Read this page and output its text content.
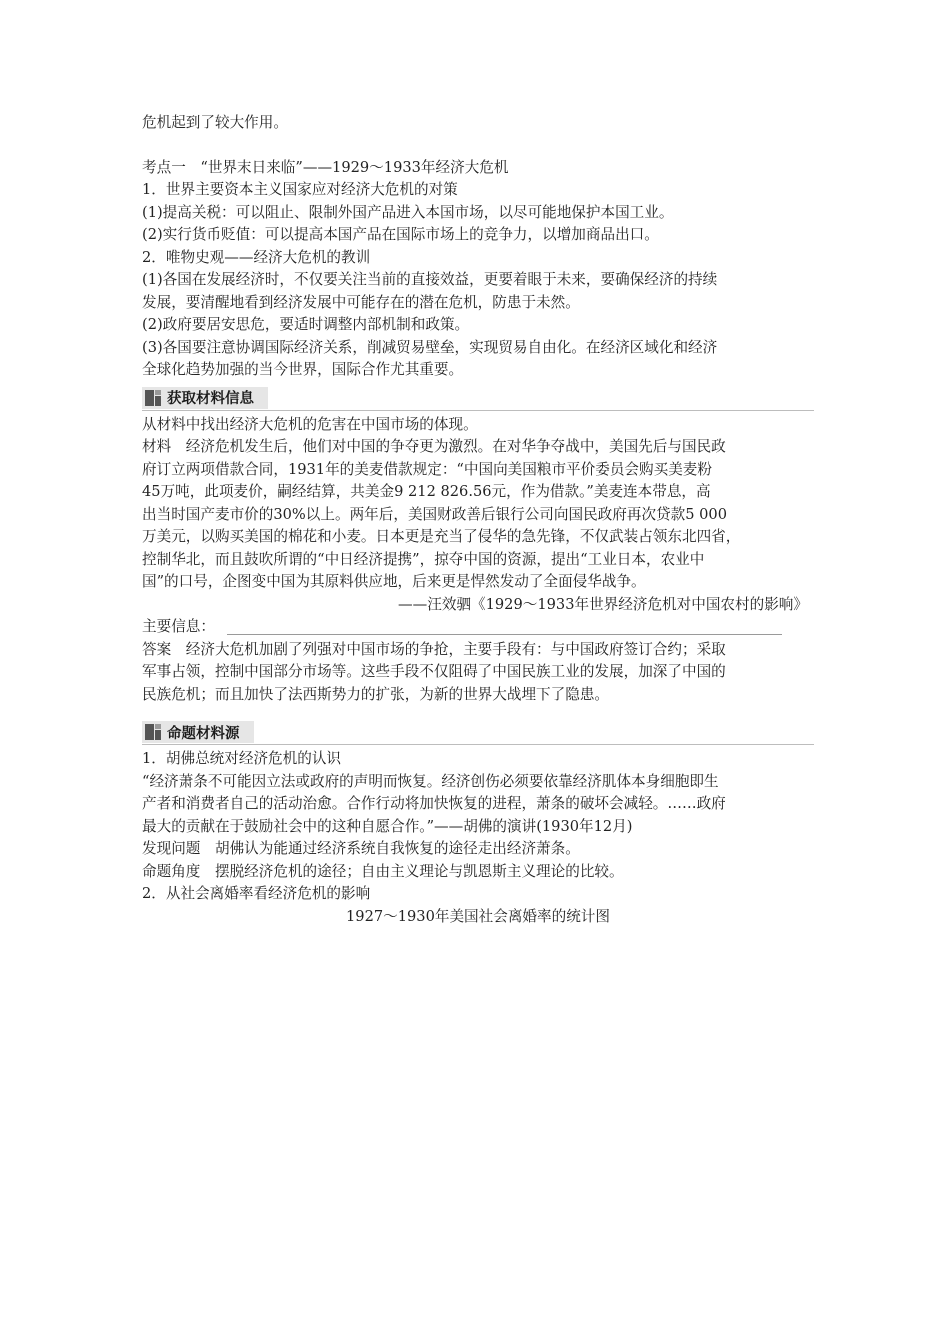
危机起到了较大作用。
考点一　“世界末日来临”——1929～1933年经济大危机
1．世界主要资本主义国家应对经济大危机的对策
(1)提高关税：可以阻止、限制外国产品进入本国市场，以尽可能地保护本国工业。
(2)实行货币贬值：可以提高本国产品在国际市场上的竞争力，以增加商品出口。
2．唯物史观——经济大危机的教训
(1)各国在发展经济时，不仅要关注当前的直接效益，更要着眼于未来，要确保经济的持续
发展，要清醒地看到经济发展中可能存在的潜在危机，防患于未然。
(2)政府要居安思危，要适时调整内部机制和政策。
(3)各国要注意协调国际经济关系，削减贸易壁垒，实现贸易自由化。在经济区域化和经济
全球化趋势加强的当今世界，国际合作尤其重要。
获取材料信息
从材料中找出经济大危机的危害在中国市场的体现。
材料　经济危机发生后，他们对中国的争夺更为激烈。在对华争夺战中，美国先后与国民政
府订立两项借款合同，1931年的美麦借款规定：“中国向美国粮市平价委员会购买美麦粉
45万吨，此项麦价，嗣经结算，共美金9 212 826.56元，作为借款。”美麦连本带息，高
出当时国产麦市价的30%以上。两年后，美国财政善后银行公司向国民政府再次贷款5 000
万美元，以购买美国的棉花和小麦。日本更是充当了侵华的急先锋，不仅武装占领东北四省，
控制华北，而且鼓吹所谓的“中日经济提携”，掠夺中国的资源，提出“工业日本，农业中
国”的口号，企图变中国为其原料供应地，后来更是悍然发动了全面侵华战争。
——汪效驷《1929～1933年世界经济危机对中国农村的影响》
主要信息：
答案　经济大危机加剧了列强对中国市场的争抢，主要手段有：与中国政府签订合约；采取
军事占领，控制中国部分市场等。这些手段不仅阻碍了中国民族工业的发展，加深了中国的
民族危机；而且加快了法西斯势力的扩张，为新的世界大战埋下了隐患。
命题材料源
1．胡佛总统对经济危机的认识
“经济萧条不可能因立法或政府的声明而恢复。经济创伤必须要依靠经济肌体本身细胞即生
产者和消费者自己的活动治愈。合作行动将加快恢复的进程，萧条的破坏会减轻。……政府
最大的贡献在于鼓励社会中的这种自愿合作。”——胡佛的演讲(1930年12月)
发现问题　胡佛认为能通过经济系统自我恢复的途径走出经济萧条。
命题角度　摆脱经济危机的途径；自由主义理论与凯恩斯主义理论的比较。
2．从社会离婚率看经济危机的影响
1927～1930年美国社会离婚率的统计图
